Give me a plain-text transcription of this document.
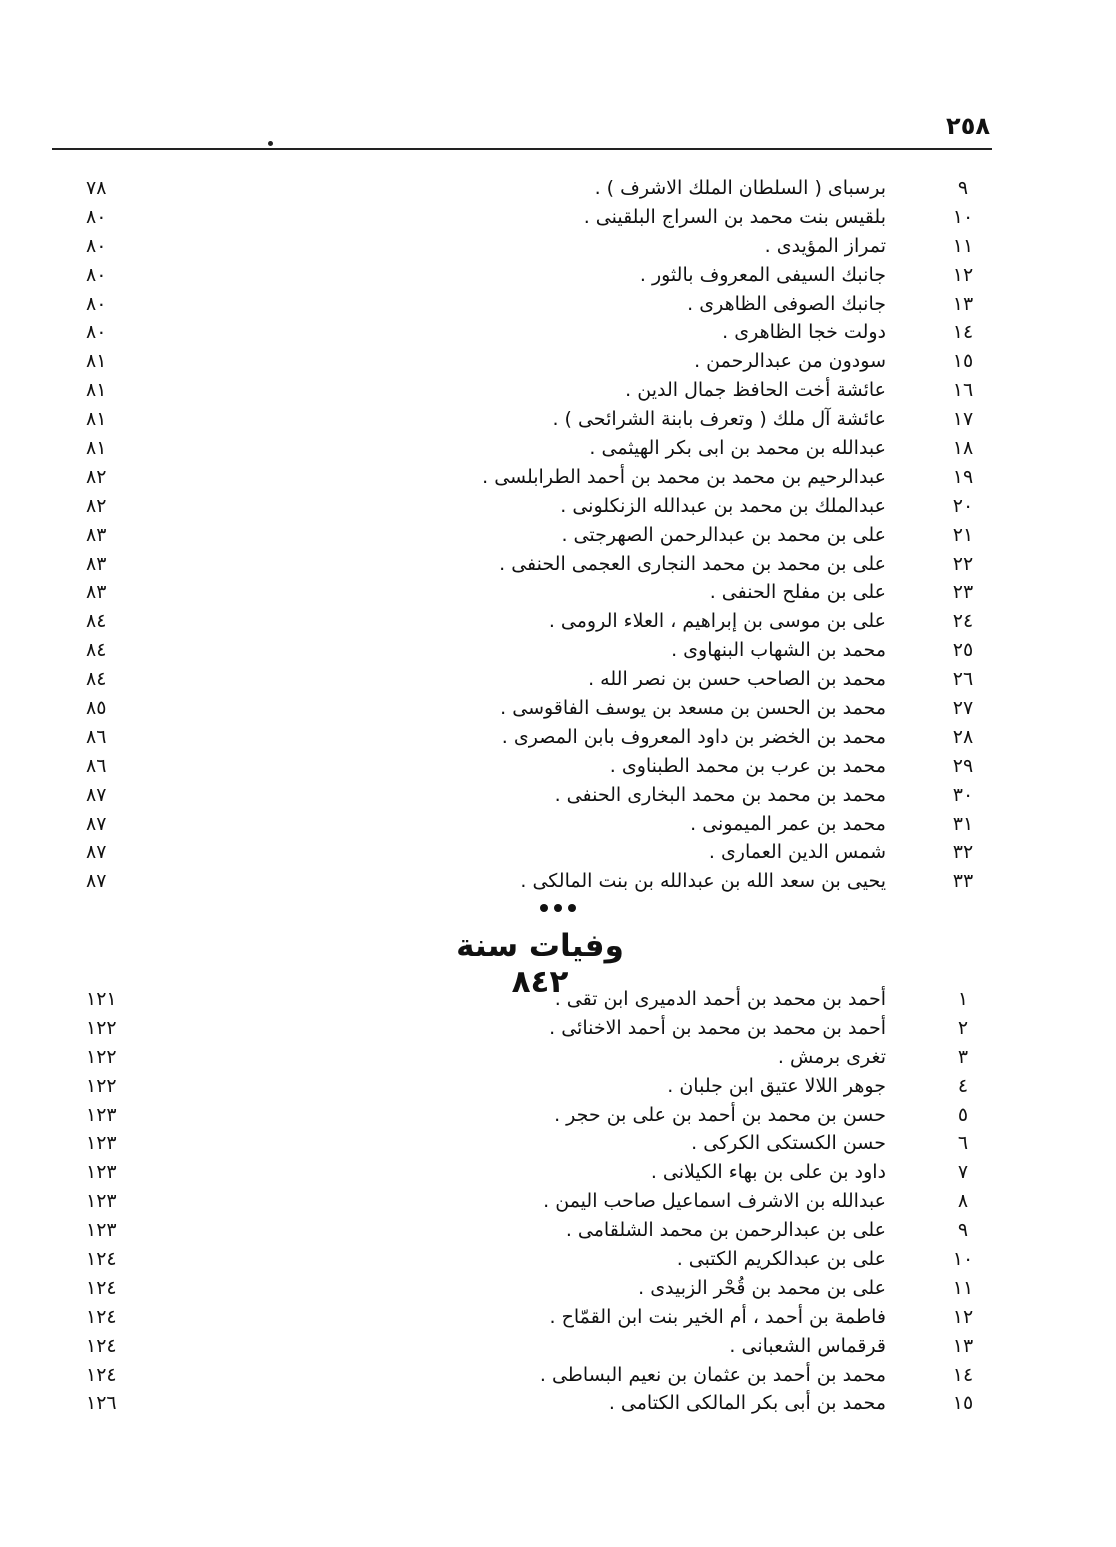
٢٥٨
٩
برسباى ( السلطان الملك الاشرف ) .
٧٨
١٠
بلقيس بنت محمد بن السراج البلقينى .
٨٠
١١
تمراز المؤيدى .
٨٠
١٢
جانبك السيفى المعروف بالثور .
٨٠
١٣
جانبك الصوفى الظاهرى .
٨٠
١٤
دولت خجا الظاهرى .
٨٠
١٥
سودون من عبدالرحمن .
٨١
١٦
عائشة أخت الحافظ جمال الدين .
٨١
١٧
عائشة آل ملك ( وتعرف بابنة الشرائحى ) .
٨١
١٨
عبدالله بن محمد بن ابى بكر الهيثمى .
٨١
١٩
عبدالرحيم بن محمد بن محمد بن أحمد الطرابلسى .
٨٢
٢٠
عبدالملك بن محمد بن عبدالله الزنكلونى .
٨٢
٢١
على بن محمد بن عبدالرحمن الصهرجتى .
٨٣
٢٢
على بن محمد بن محمد النجارى العجمى الحنفى .
٨٣
٢٣
على بن مفلح الحنفى .
٨٣
٢٤
على بن موسى بن إبراهيم ، العلاء الرومى .
٨٤
٢٥
محمد بن الشهاب البنهاوى .
٨٤
٢٦
محمد بن الصاحب حسن بن نصر الله .
٨٤
٢٧
محمد بن الحسن بن مسعد بن يوسف الفاقوسى .
٨٥
٢٨
محمد بن الخضر بن داود المعروف بابن المصرى .
٨٦
٢٩
محمد بن عرب بن محمد الطبناوى .
٨٦
٣٠
محمد بن محمد بن محمد البخارى الحنفى .
٨٧
٣١
محمد بن عمر الميمونى .
٨٧
٣٢
شمس الدين العمارى .
٨٧
٣٣
يحيى بن سعد الله بن عبدالله بن بنت المالكى .
٨٧
وفيات سنة ٨٤٢	١
أحمد بن محمد بن أحمد الدميرى ابن تقى .
١٢١
٢
أحمد بن محمد بن محمد بن أحمد الاخنائى .
١٢٢
٣
تغرى برمش .
١٢٢
٤
جوهر اللالا عتيق ابن جلبان .
١٢٢
٥
حسن بن محمد بن أحمد بن على بن حجر .
١٢٣
٦
حسن الكستكى الكركى .
١٢٣
٧
داود بن على بن بهاء الكيلانى .
١٢٣
٨
عبدالله بن الاشرف اسماعيل صاحب اليمن .
١٢٣
٩
على بن عبدالرحمن بن محمد الشلقامى .
١٢٣
١٠
على بن عبدالكريم الكتبى .
١٢٤
١١
على بن محمد بن قُحْر الزبيدى .
١٢٤
١٢
فاطمة بن أحمد ، أم الخير بنت ابن القمّاح .
١٢٤
١٣
قرقماس الشعبانى .
١٢٤
١٤
محمد بن أحمد بن عثمان بن نعيم البساطى .
١٢٤
١٥
محمد بن أبى بكر المالكى الكتامى .
١٢٦
